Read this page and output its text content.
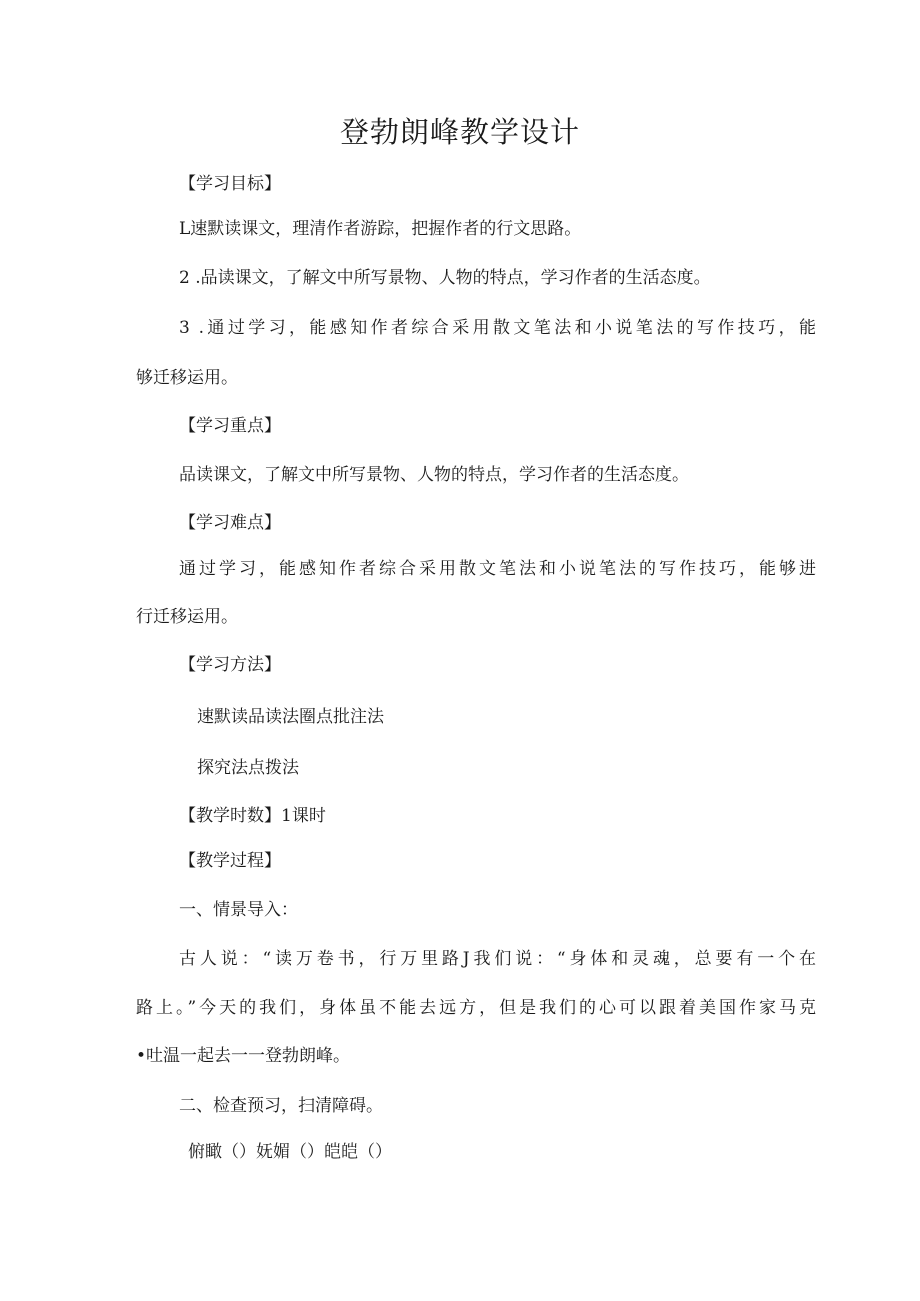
登勃朗峰教学设计
【学习目标】
L速默读课文，理清作者游踪，把握作者的行文思路。
2 .品读课文，了解文中所写景物、人物的特点，学习作者的生活态度。
3 .通过学习，能感知作者综合采用散文笔法和小说笔法的写作技巧，能
够迁移运用。
【学习重点】
品读课文，了解文中所写景物、人物的特点，学习作者的生活态度。
【学习难点】
通过学习，能感知作者综合采用散文笔法和小说笔法的写作技巧，能够进
行迁移运用。
【学习方法】
速默读品读法圈点批注法
探究法点拨法
【教学时数】1课时
【教学过程】
一、情景导入：
古人说：“读万卷书，行万里路J我们说：“身体和灵魂，总要有一个在
路上。”今天的我们，身体虽不能去远方，但是我们的心可以跟着美国作家马克
•吐温一起去一一登勃朗峰。
二、检查预习，扫清障碍。
俯瞰（）妩媚（）皑皑（）
